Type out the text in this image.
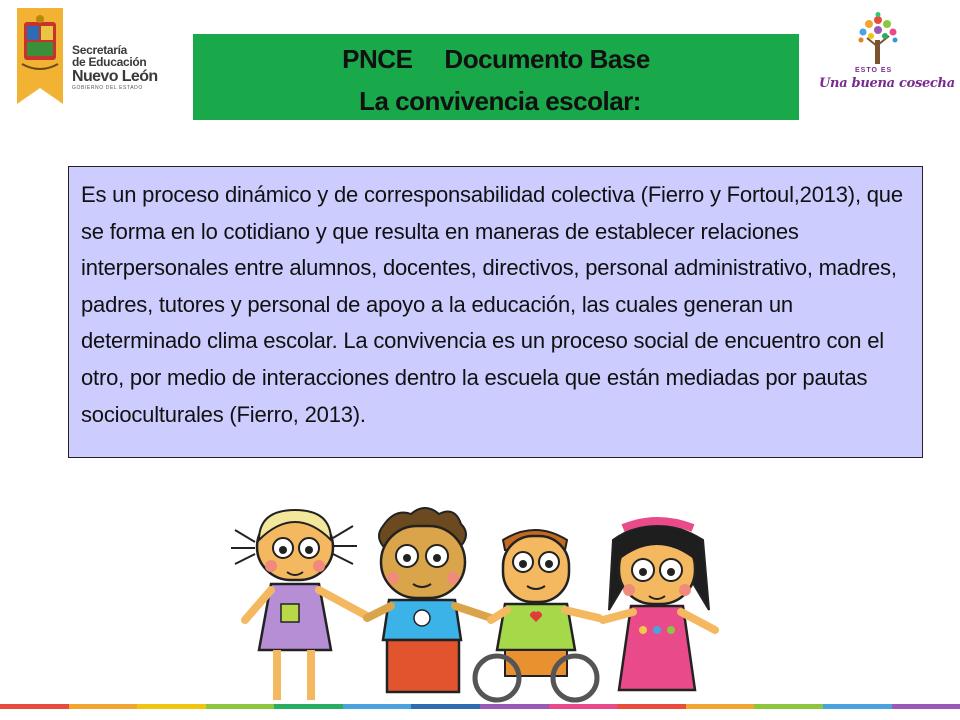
Secretaría
de Educación
Nuevo León
GOBIERNO DEL ESTADO
PNCE Documento Base
La convivencia escolar:
ESTO ES
Una buena cosecha

Es un proceso dinámico y de corresponsabilidad colectiva (Fierro y Fortoul,2013), que se forma en lo cotidiano y que resulta en maneras de establecer relaciones interpersonales entre alumnos, docentes, directivos, personal administrativo, madres, padres, tutores y personal de apoyo a la educación, las cuales generan un determinado clima escolar. La convivencia es un proceso social de encuentro con el otro, por medio de interacciones dentro la escuela que están mediadas por pautas socioculturales (Fierro, 2013).
